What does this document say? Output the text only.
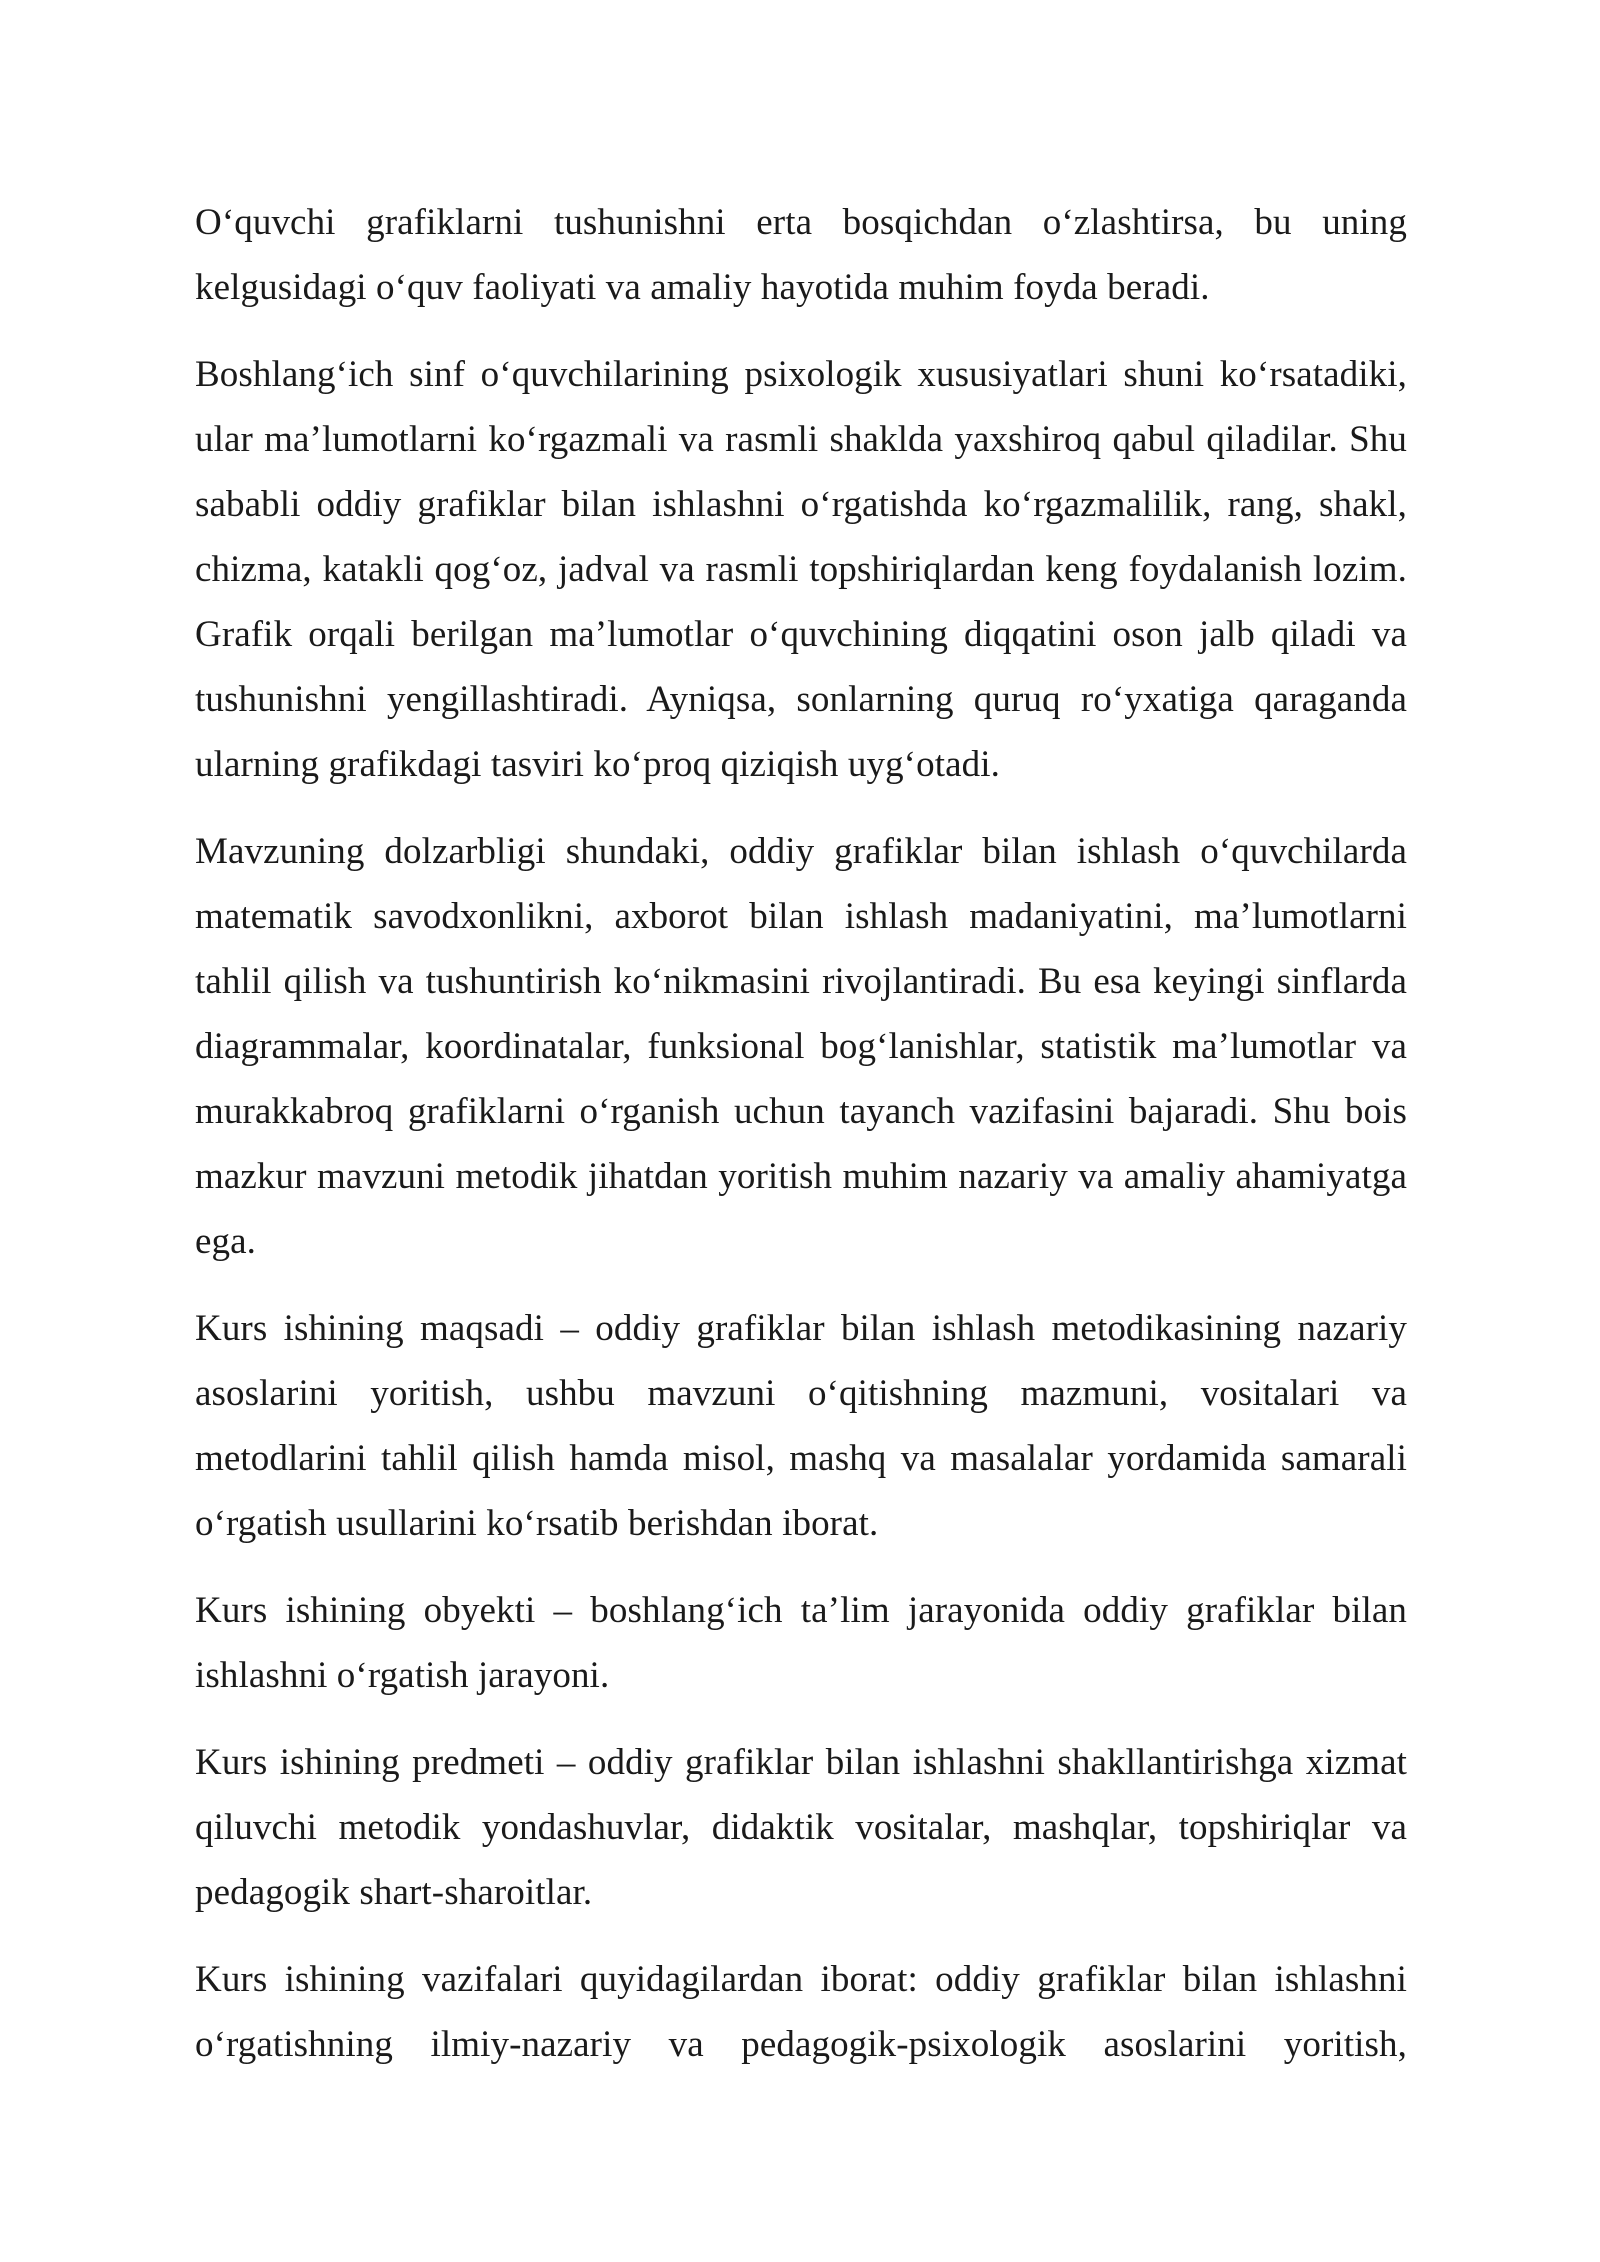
O‘quvchi grafiklarni tushunishni erta bosqichdan o‘zlashtirsa, bu uning kelgusidagi o‘quv faoliyati va amaliy hayotida muhim foyda beradi.

Boshlang‘ich sinf o‘quvchilarining psixologik xususiyatlari shuni ko‘rsatadiki, ular ma’lumotlarni ko‘rgazmali va rasmli shaklda yaxshiroq qabul qiladilar. Shu sababli oddiy grafiklar bilan ishlashni o‘rgatishda ko‘rgazmalilik, rang, shakl, chizma, katakli qog‘oz, jadval va rasmli topshiriqlardan keng foydalanish lozim. Grafik orqali berilgan ma’lumotlar o‘quvchining diqqatini oson jalb qiladi va tushunishni yengillashtiradi. Ayniqsa, sonlarning quruq ro‘yxatiga qaraganda ularning grafikdagi tasviri ko‘proq qiziqish uyg‘otadi.

Mavzuning dolzarbligi shundaki, oddiy grafiklar bilan ishlash o‘quvchilarda matematik savodxonlikni, axborot bilan ishlash madaniyatini, ma’lumotlarni tahlil qilish va tushuntirish ko‘nikmasini rivojlantiradi. Bu esa keyingi sinflarda diagrammalar, koordinatalar, funksional bog‘lanishlar, statistik ma’lumotlar va murakkabroq grafiklarni o‘rganish uchun tayanch vazifasini bajaradi. Shu bois mazkur mavzuni metodik jihatdan yoritish muhim nazariy va amaliy ahamiyatga ega.

Kurs ishining maqsadi – oddiy grafiklar bilan ishlash metodikasining nazariy asoslarini yoritish, ushbu mavzuni o‘qitishning mazmuni, vositalari va metodlarini tahlil qilish hamda misol, mashq va masalalar yordamida samarali o‘rgatish usullarini ko‘rsatib berishdan iborat.

Kurs ishining obyekti – boshlang‘ich ta’lim jarayonida oddiy grafiklar bilan ishlashni o‘rgatish jarayoni.

Kurs ishining predmeti – oddiy grafiklar bilan ishlashni shakllantirishga xizmat qiluvchi metodik yondashuvlar, didaktik vositalar, mashqlar, topshiriqlar va pedagogik shart-sharoitlar.

Kurs ishining vazifalari quyidagilardan iborat: oddiy grafiklar bilan ishlashni o‘rgatishning ilmiy-nazariy va pedagogik-psixologik asoslarini yoritish,
